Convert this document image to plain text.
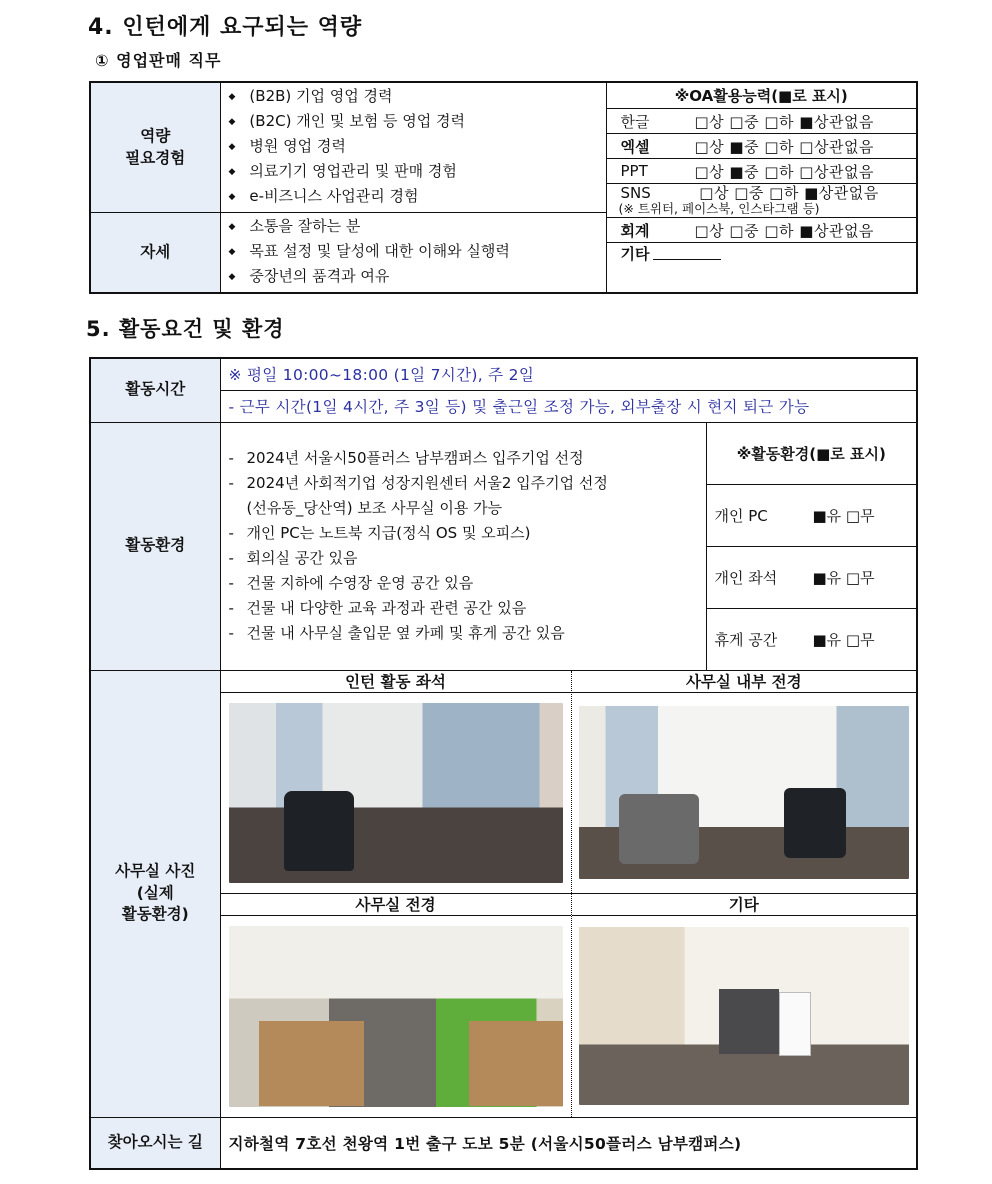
4. 인턴에게 요구되는 역량
① 영업판매 직무
역량
필요경험

◆ (B2B) 기업 영업 경력
◆ (B2C) 개인 및 보험 등 영업 경력
◆ 병원 영업 경력
◆ 의료기기 영업관리 및 판매 경험
◆ e-비즈니스 사업관리 경험

※OA활용능력(■로 표시)
한글	□상 □중 □하 ■상관없음
엑셀	□상 ■중 □하 □상관없음
PPT	□상 ■중 □하 □상관없음
SNS	□상 □중 □하 ■상관없음
(※ 트위터, 페이스북, 인스타그램 등)
회계	□상 □중 □하 ■상관없음
기타

자세	
◆ 소통을 잘하는 분
◆ 목표 설정 및 달성에 대한 이해와 실행력
◆ 중장년의 품격과 여유
5. 활동요건 및 환경
활동시간	※ 평일 10:00~18:00 (1일 7시간), 주 2일	
	- 근무 시간(1일 4시간, 주 3일 등) 및 출근일 조정 가능, 외부출장 시 현지 퇴근 가능	
활동환경	
- 2024년 서울시50플러스 남부캠퍼스 입주기업 선정
- 2024년 사회적기업 성장지원센터 서울2 입주기업 선정
(선유동_당산역) 보조 사무실 이용 가능
- 개인 PC는 노트북 지급(정식 OS 및 오피스)
- 회의실 공간 있음
- 건물 지하에 수영장 운영 공간 있음
- 건물 내 다양한 교육 과정과 관련 공간 있음
- 건물 내 사무실 출입문 옆 카페 및 휴게 공간 있음

※활동환경(■로 표시)
개인 PC	■유 □무
개인 좌석	■유 □무
휴게 공간	■유 □무

사무실 사진
(실제
활동환경)

인턴 활동 좌석	사무실 내부 전경
사무실 전경	기타

찾아오시는 길	지하철역 7호선 천왕역 1번 출구 도보 5분 (서울시50플러스 남부캠퍼스)	
